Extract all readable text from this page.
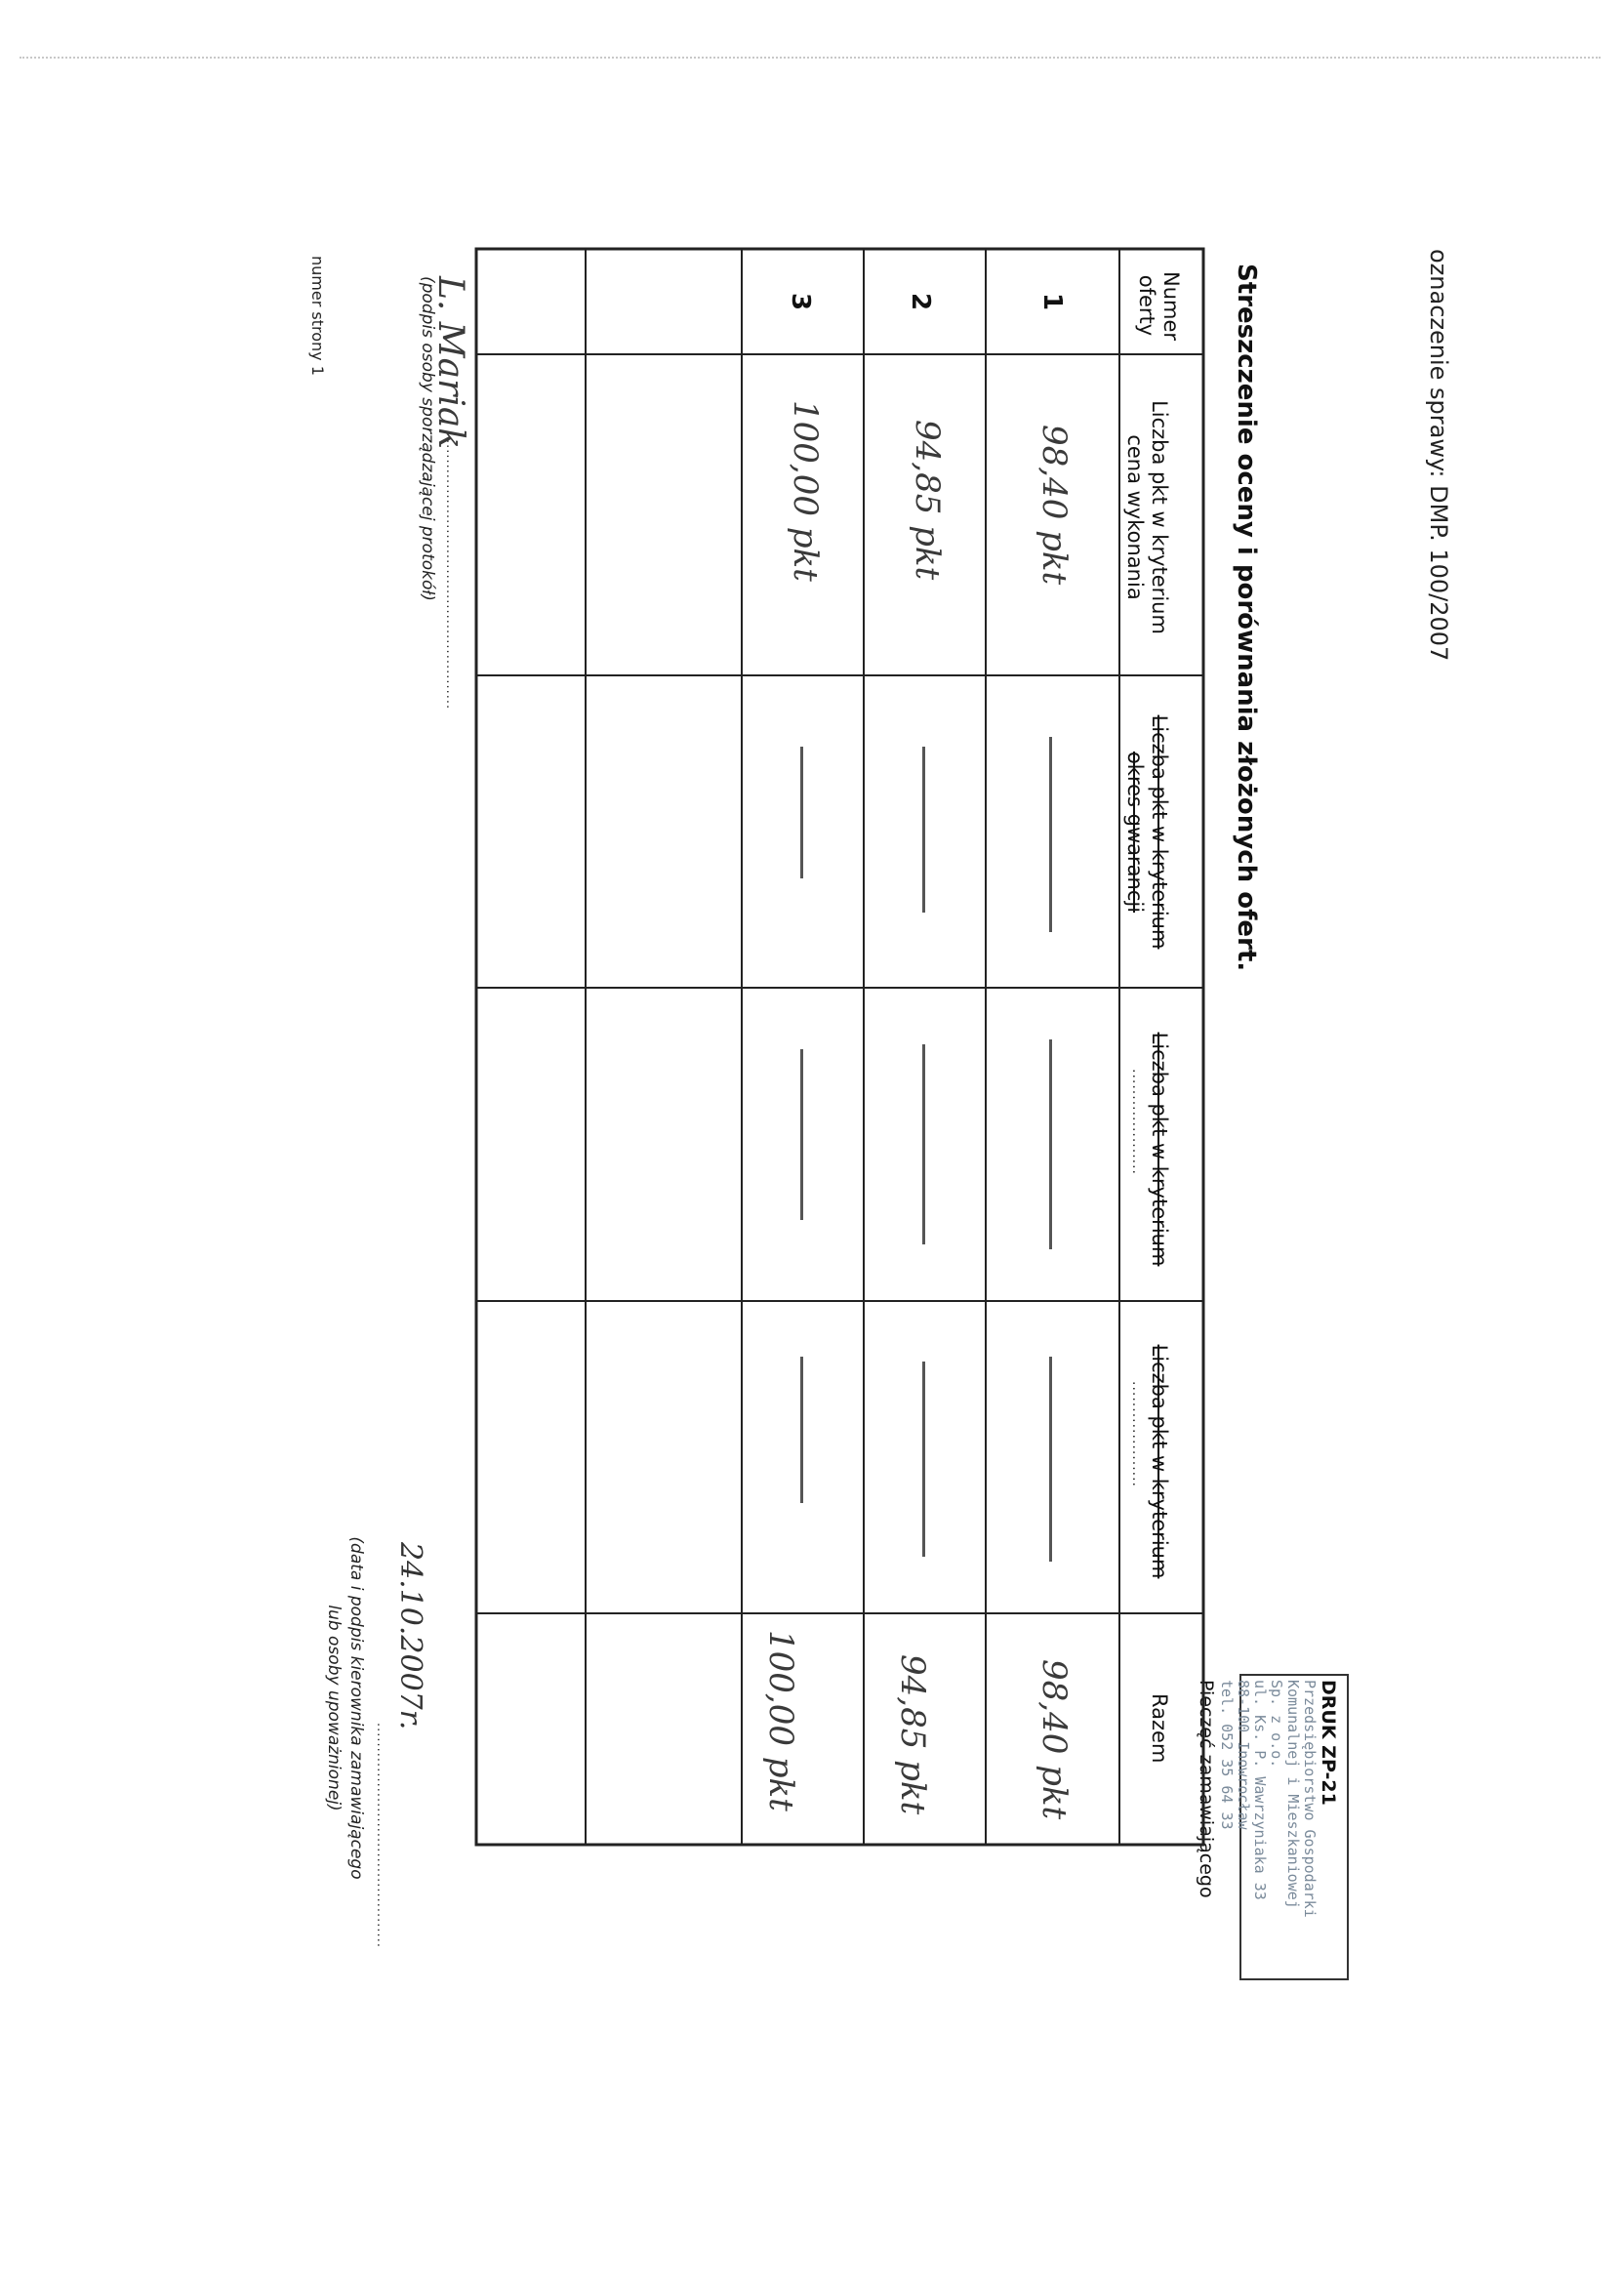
oznaczenie sprawy: DMP. 100/2007
Streszczenie oceny i porównania złożonych ofert.
DRUK ZP-21
Przedsiębiorstwo Gospodarki
Komunalnej i Mieszkaniowej
Sp. z o.o.
ul. Ks. P. Wawrzyniaka 33
88-100 Inowrocław
tel. 052 35 64 33
Pieczęć zamawiającego
Numer oferty
Liczba pkt w kryterium cena wykonania
Liczba pkt w kryterium okres gwarancji
Liczba pkt w kryterium
....................
Liczba pkt w kryterium
....................
Razem
1
98,40 pkt
98,40 pkt
2
94,85 pkt
94,85 pkt
3
100,00 pkt
100,00 pkt
L. Mariak
......................................................
(podpis osoby sporządzającej protokół)
24.10.2007r.
.............................................
(data i podpis kierownika zamawiającego
lub osoby upoważnionej)
numer strony 1
